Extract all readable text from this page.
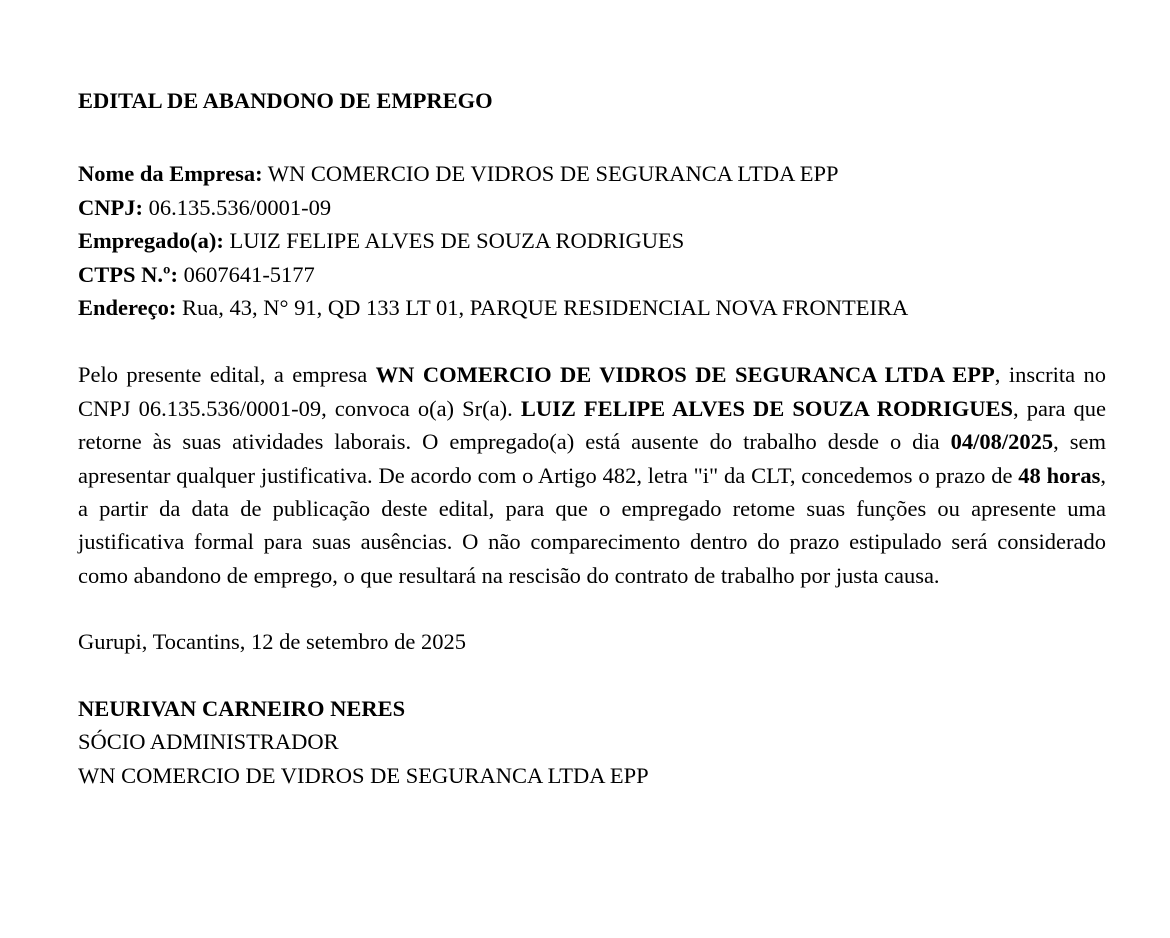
EDITAL DE ABANDONO DE EMPREGO

Nome da Empresa: WN COMERCIO DE VIDROS DE SEGURANCA LTDA EPP

CNPJ: 06.135.536/0001-09

Empregado(a): LUIZ FELIPE ALVES DE SOUZA RODRIGUES

CTPS N.º: 0607641-5177

Endereço: Rua, 43, N° 91, QD 133 LT 01, PARQUE RESIDENCIAL NOVA FRONTEIRA

Pelo presente edital, a empresa WN COMERCIO DE VIDROS DE SEGURANCA LTDA EPP, inscrita no CNPJ 06.135.536/0001-09, convoca o(a) Sr(a). LUIZ FELIPE ALVES DE SOUZA RODRIGUES, para que retorne às suas atividades laborais. O empregado(a) está ausente do trabalho desde o dia 04/08/2025, sem apresentar qualquer justificativa. De acordo com o Artigo 482, letra "i" da CLT, concedemos o prazo de 48 horas, a partir da data de publicação deste edital, para que o empregado retome suas funções ou apresente uma justificativa formal para suas ausências. O não comparecimento dentro do prazo estipulado será considerado como abandono de emprego, o que resultará na rescisão do contrato de trabalho por justa causa.

Gurupi, Tocantins, 12 de setembro de 2025

NEURIVAN CARNEIRO NERES

SÓCIO ADMINISTRADOR

WN COMERCIO DE VIDROS DE SEGURANCA LTDA EPP
